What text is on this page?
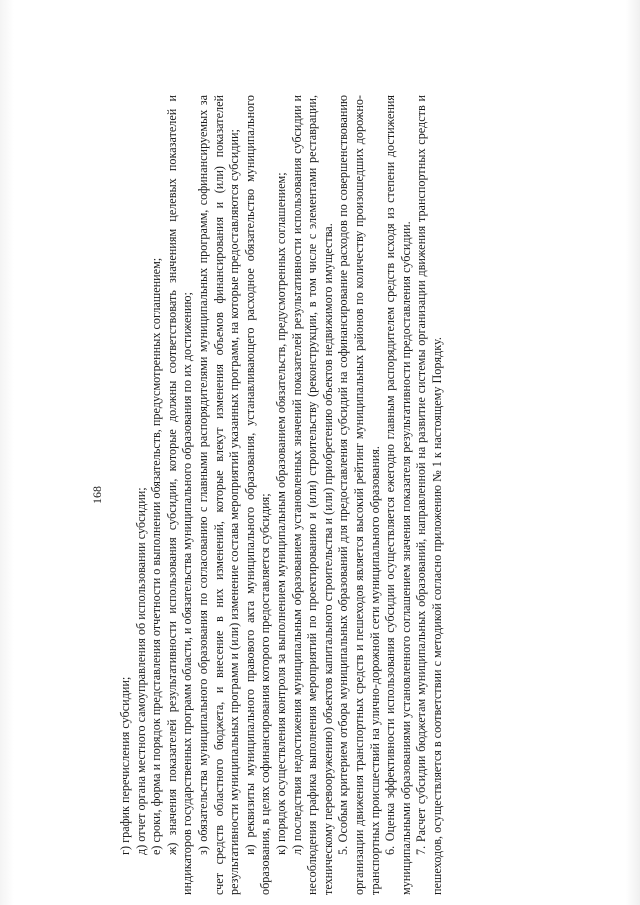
168

г) график перечисления субсидии; д) отчет органа местного самоуправления об использовании субсидии; е) сроки, форма и порядок представления отчетности о выполнении обязательств, предусмотренных соглашением; ж) значения показателей результативности использования субсидии, которые должны соответствовать значениям целевых показателей и индикаторов государственных программ области, и обязательства муниципального образования по их достижению; з) обязательства муниципального образования по согласованию с главными распорядителями муниципальных программ, софинансируемых за счет средств областного бюджета, и внесение в них изменений, которые влекут изменения объемов финансирования и (или) показателей результативности муниципальных программ и (или) изменение состава мероприятий указанных программ, на которые предоставляются субсидии; и) реквизиты муниципального правового акта муниципального образования, устанавливающего расходное обязательство муниципального образования, в целях софинансирования которого предоставляется субсидия; к) порядок осуществления контроля за выполнением муниципальным образованием обязательств, предусмотренных соглашением; л) последствия недостижения муниципальным образованием установленных значений показателей результативности использования субсидии и несоблюдения графика выполнения мероприятий по проектированию и (или) строительству (реконструкции, в том числе с элементами реставрации, техническому перевооружению) объектов капитального строительства и (или) приобретению объектов недвижимого имущества. 5. Особым критерием отбора муниципальных образований для предоставления субсидий на софинансирование расходов по совершенствованию организации движения транспортных средств и пешеходов является высокий рейтинг муниципальных районов по количеству произошедших дорожно-транспортных происшествий на улично-дорожной сети муниципального образования. 6. Оценка эффективности использования субсидии осуществляется ежегодно главным распорядителем средств исходя из степени достижения муниципальными образованиями установленного соглашением значения показателя результативности предоставления субсидии. 7. Расчет субсидии бюджетам муниципальных образований, направленной на развитие системы организации движения транспортных средств и пешеходов, осуществляется в соответствии с методикой согласно приложению № 1 к настоящему Порядку.
